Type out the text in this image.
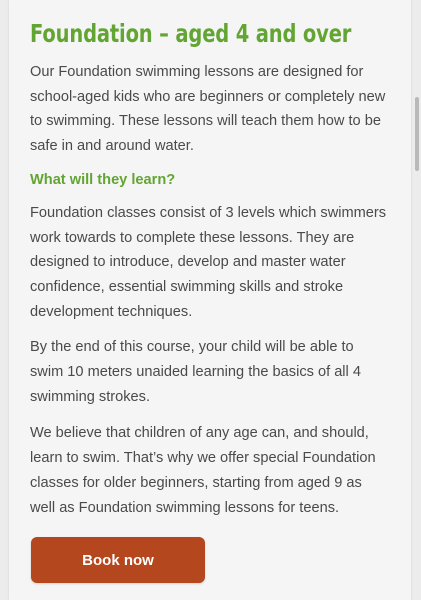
Foundation – aged 4 and over

Our Foundation swimming lessons are designed for school-aged kids who are beginners or completely new to swimming. These lessons will teach them how to be safe in and around water.

What will they learn?

Foundation classes consist of 3 levels which swimmers work towards to complete these lessons. They are designed to introduce, develop and master water confidence, essential swimming skills and stroke development techniques.

By the end of this course, your child will be able to swim 10 meters unaided learning the basics of all 4 swimming strokes.

We believe that children of any age can, and should, learn to swim. That’s why we offer special Foundation classes for older beginners, starting from aged 9 as well as Foundation swimming lessons for teens.

Book now
